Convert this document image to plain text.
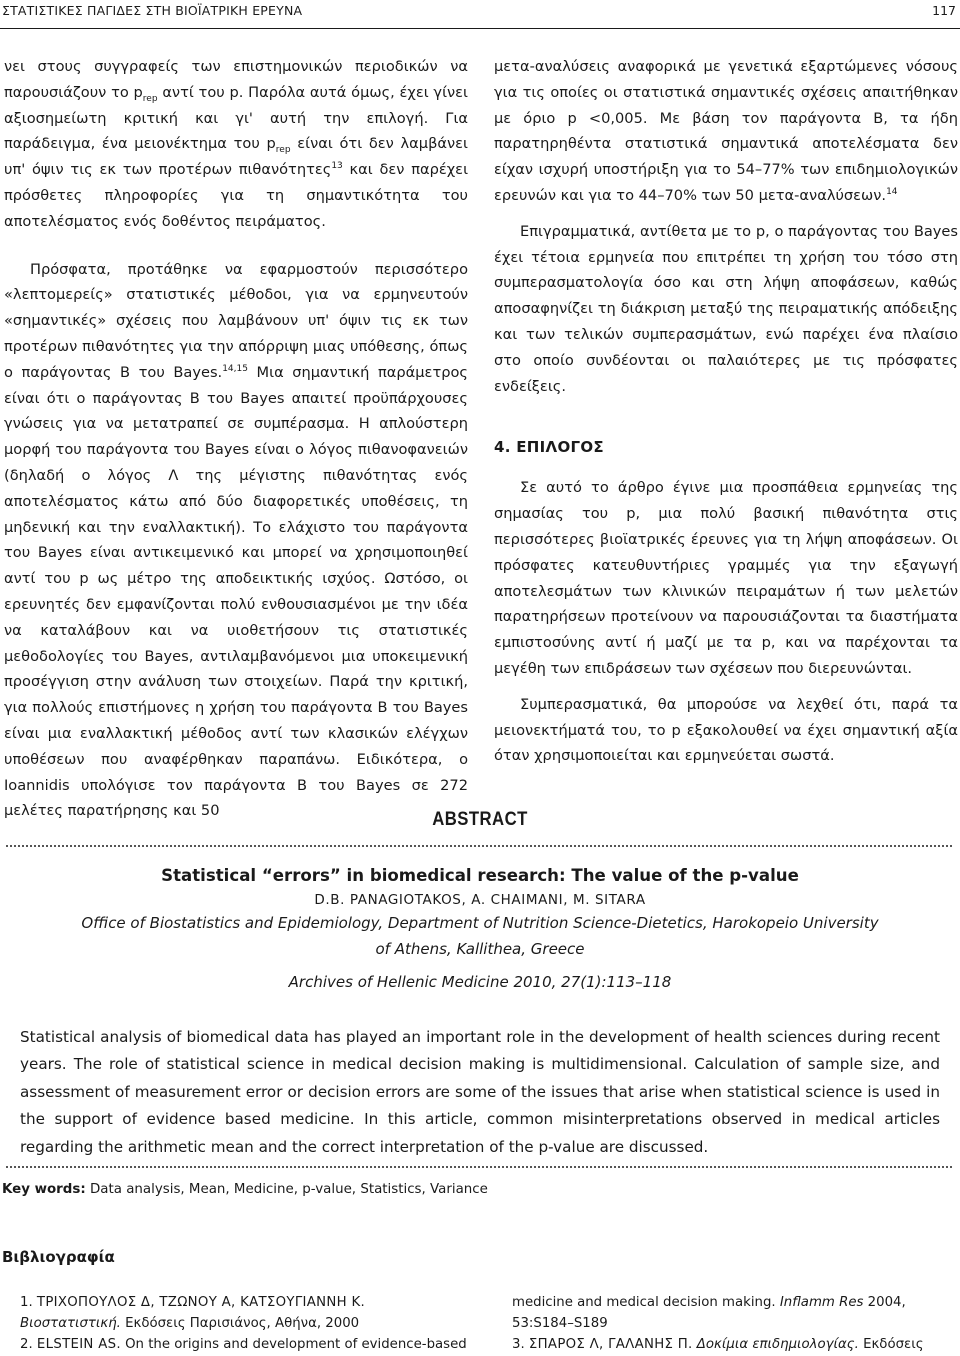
ΣΤΑΤΙΣΤΙΚΕΣ ΠΑΓΙΔΕΣ ΣΤΗ ΒΙΟΪΑΤΡΙΚΗ ΕΡΕΥΝΑ	117

νει στους συγγραφείς των επιστημονικών περιοδικών να παρουσιάζουν το $p_{rep}$ αντί του p. Παρόλα αυτά όμως, έχει γίνει αξιοσημείωτη κριτική και γι' αυτή την επιλογή. Για παράδειγμα, ένα μειονέκτημα του $p_{rep}$ είναι ότι δεν λαμβάνει υπ' όψιν τις εκ των προτέρων πιθανότητες$^{13}$ και δεν παρέχει πρόσθετες πληροφορίες για τη σημαντικότητα του αποτελέσματος ενός δοθέντος πειράματος.

Πρόσφατα, προτάθηκε να εφαρμοστούν περισσότερο «λεπτομερείς» στατιστικές μέθοδοι, για να ερμηνευτούν «σημαντικές» σχέσεις που λαμβάνουν υπ' όψιν τις εκ των προτέρων πιθανότητες για την απόρριψη μιας υπόθεσης, όπως ο παράγοντας Β του Bayes.$^{14,15}$ Μια σημαντική παράμετρος είναι ότι ο παράγοντας Β του Bayes απαιτεί προϋπάρχουσες γνώσεις για να μετατραπεί σε συμπέρασμα. Η απλούστερη μορφή του παράγοντα του Bayes είναι ο λόγος πιθανοφανειών (δηλαδή ο λόγος Λ της μέγιστης πιθανότητας ενός αποτελέσματος κάτω από δύο διαφορετικές υποθέσεις, τη μηδενική και την εναλλακτική). Το ελάχιστο του παράγοντα του Bayes είναι αντικειμενικό και μπορεί να χρησιμοποιηθεί αντί του p ως μέτρο της αποδεικτικής ισχύος. Ωστόσο, οι ερευνητές δεν εμφανίζονται πολύ ενθουσιασμένοι με την ιδέα να καταλάβουν και να υιοθετήσουν τις στατιστικές μεθοδολογίες του Bayes, αντιλαμβανόμενοι μια υποκειμενική προσέγγιση στην ανάλυση των στοιχείων. Παρά την κριτική, για πολλούς επιστήμονες η χρήση του παράγοντα Β του Bayes είναι μια εναλλακτική μέθοδος αντί των κλασικών ελέγχων υποθέσεων που αναφέρθηκαν παραπάνω. Ειδικότερα, ο Ioannidis υπολόγισε τον παράγοντα Β του Bayes σε 272 μελέτες παρατήρησης και 50

μετα-αναλύσεις αναφορικά με γενετικά εξαρτώμενες νόσους για τις οποίες οι στατιστικά σημαντικές σχέσεις απαιτήθηκαν με όριο p <0,005. Με βάση τον παράγοντα Β, τα ήδη παρατηρηθέντα στατιστικά σημαντικά αποτελέσματα δεν είχαν ισχυρή υποστήριξη για το 54–77% των επιδημιολογικών ερευνών και για το 44–70% των 50 μετα-αναλύσεων.$^{14}$

Επιγραμματικά, αντίθετα με το p, ο παράγοντας του Bayes έχει τέτοια ερμηνεία που επιτρέπει τη χρήση του τόσο στη συμπερασματολογία όσο και στη λήψη αποφάσεων, καθώς αποσαφηνίζει τη διάκριση μεταξύ της πειραματικής απόδειξης και των τελικών συμπερασμάτων, ενώ παρέχει ένα πλαίσιο στο οποίο συνδέονται οι παλαιότερες με τις πρόσφατες ενδείξεις.

4. ΕΠΙΛΟΓΟΣ

Σε αυτό το άρθρο έγινε μια προσπάθεια ερμηνείας της σημασίας του p, μια πολύ βασική πιθανότητα στις περισσότερες βιοϊατρικές έρευνες για τη λήψη αποφάσεων. Οι πρόσφατες κατευθυντήριες γραμμές για την εξαγωγή αποτελεσμάτων των κλινικών πειραμάτων ή των μελετών παρατηρήσεων προτείνουν να παρουσιάζονται τα διαστήματα εμπιστοσύνης αντί ή μαζί με τα p, και να παρέχονται τα μεγέθη των επιδράσεων των σχέσεων που διερευνώνται.

Συμπερασματικά, θα μπορούσε να λεχθεί ότι, παρά τα μειονεκτήματά του, το p εξακολουθεί να έχει σημαντική αξία όταν χρησιμοποιείται και ερμηνεύεται σωστά.

ABSTRACT
Statistical “errors” in biomedical research: The value of the p-value
D.B. PANAGIOTAKOS, A. CHAIMANI, M. SITARA
Office of Biostatistics and Epidemiology, Department of Nutrition Science-Dietetics, Harokopeio University
of Athens, Kallithea, Greece
Archives of Hellenic Medicine 2010, 27(1):113–118
Statistical analysis of biomedical data has played an important role in the development of health sciences during recent years. The role of statistical science in medical decision making is multidimensional. Calculation of sample size, and assessment of measurement error or decision errors are some of the issues that arise when statistical science is used in the support of evidence based medicine. In this article, common misinterpretations observed in medical articles regarding the arithmetic mean and the correct interpretation of the p-value are discussed.
Key words: Data analysis, Mean, Medicine, p-value, Statistics, Variance
Βιβλιογραφία

1. ΤΡΙΧΟΠΟΥΛΟΣ Δ, ΤΖΩΝΟΥ Α, ΚΑΤΣΟΥΓΙΑΝΝΗ Κ. Βιοστατιστική. Εκδόσεις Παρισιάνος, Αθήνα, 2000

2. ELSTEIN AS. On the origins and development of evidence-based

medicine and medical decision making. Inflamm Res 2004, 53:S184–S189

3. ΣΠΑΡΟΣ Λ, ΓΑΛΑΝΗΣ Π. Δοκίμια επιδημιολογίας. Εκδόσεις
